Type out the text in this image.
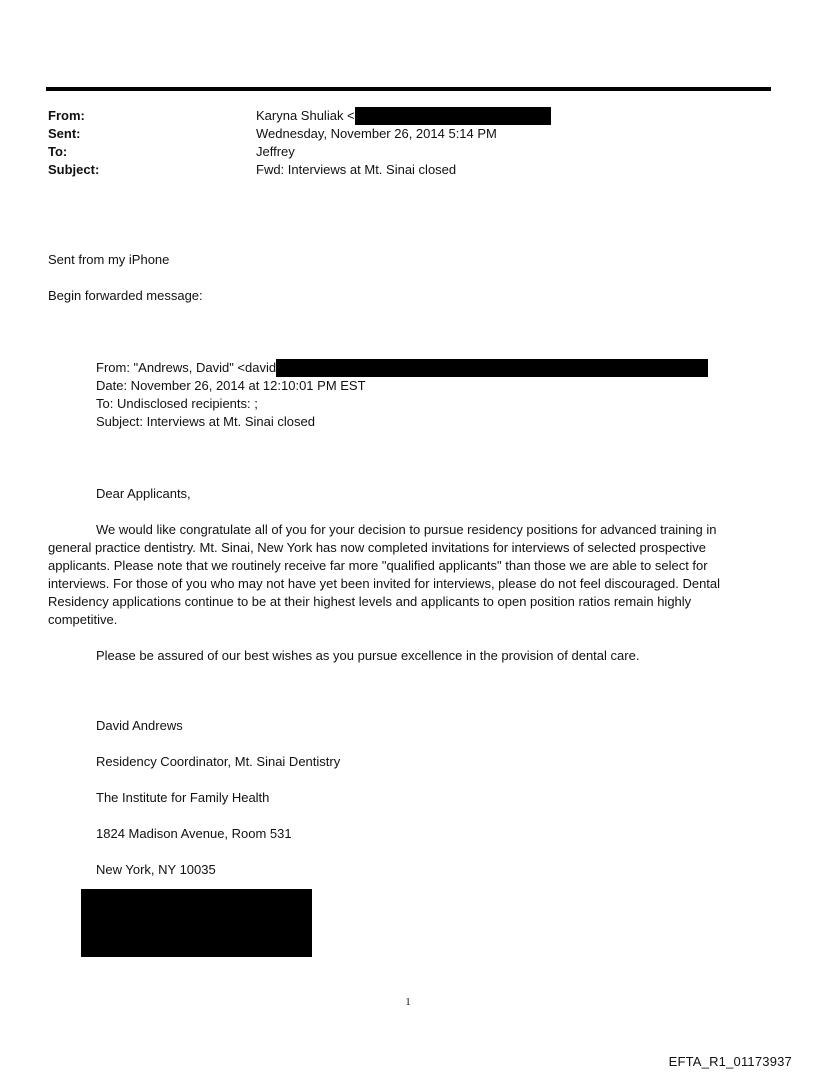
From:	Karyna Shuliak <
Sent:	Wednesday, November 26, 2014 5:14 PM
To:	Jeffrey
Subject:	Fwd: Interviews at Mt. Sinai closed
Sent from my iPhone
Begin forwarded message:
From: "Andrews, David" <david
Date: November 26, 2014 at 12:10:01 PM EST
To: Undisclosed recipients: ;
Subject: Interviews at Mt. Sinai closed
Dear Applicants,
We would like congratulate all of you for your decision to pursue residency positions for advanced training in general practice dentistry. Mt. Sinai, New York has now completed invitations for interviews of selected prospective applicants. Please note that we routinely receive far more "qualified applicants" than those we are able to select for interviews. For those of you who may not have yet been invited for interviews, please do not feel discouraged. Dental Residency applications continue to be at their highest levels and applicants to open position ratios remain highly competitive.
Please be assured of our best wishes as you pursue excellence in the provision of dental care.
David Andrews
Residency Coordinator, Mt. Sinai Dentistry
The Institute for Family Health
1824 Madison Avenue, Room 531
New York, NY 10035
1
EFTA_R1_01173937
